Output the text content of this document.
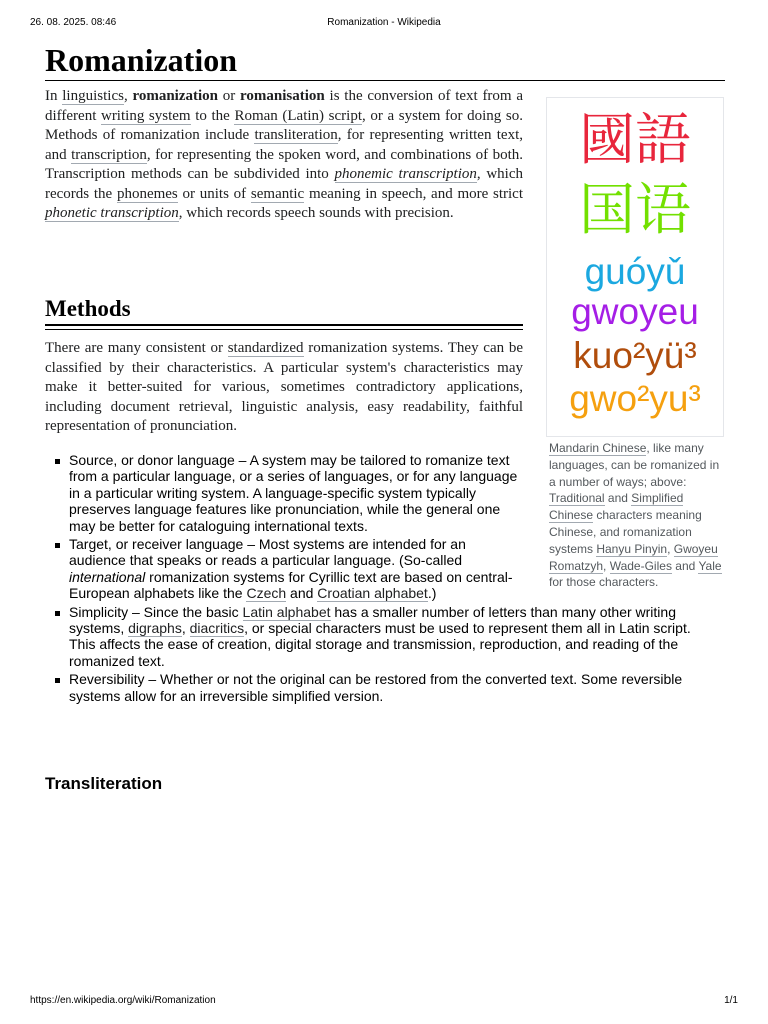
26. 08. 2025. 08:46	Romanization - Wikipedia
Romanization

In linguistics, romanization or romanisation is the conversion of text from a different writing system to the Roman (Latin) script, or a system for doing so. Methods of romanization include transliteration, for representing written text, and transcription, for representing the spoken word, and combinations of both. Transcription methods can be subdivided into phonemic transcription, which records the phonemes or units of semantic meaning in speech, and more strict phonetic transcription, which records speech sounds with precision.

Methods

There are many consistent or standardized romanization systems. They can be classified by their characteristics. A particular system's characteristics may make it better-suited for various, sometimes contradictory applications, including document retrieval, linguistic analysis, easy readability, faithful representation of pronunciation.

Source, or donor language – A system may be tailored to romanize text from a particular language, or a series of languages, or for any language in a particular writing system. A language-specific system typically preserves language features like pronunciation, while the general one may be better for cataloguing international texts.
Target, or receiver language – Most systems are intended for an audience that speaks or reads a particular language. (So-called international romanization systems for Cyrillic text are based on central-European alphabets like the Czech and Croatian alphabet.)
Simplicity – Since the basic Latin alphabet has a smaller number of letters than many other writing systems, digraphs, diacritics, or special characters must be used to represent them all in Latin script. This affects the ease of creation, digital storage and transmission, reproduction, and reading of the romanized text.
Reversibility – Whether or not the original can be restored from the converted text. Some reversible systems allow for an irreversible simplified version.
Transliteration
國語
国语
guóyǔ
gwoyeu
kuo²yü³
gwo²yu³
Mandarin Chinese, like many languages, can be romanized in a number of ways; above: Traditional and Simplified Chinese characters meaning Chinese, and romanization systems Hanyu Pinyin, Gwoyeu Romatzyh, Wade-Giles and Yale for those characters.
https://en.wikipedia.org/wiki/Romanization	1/1
